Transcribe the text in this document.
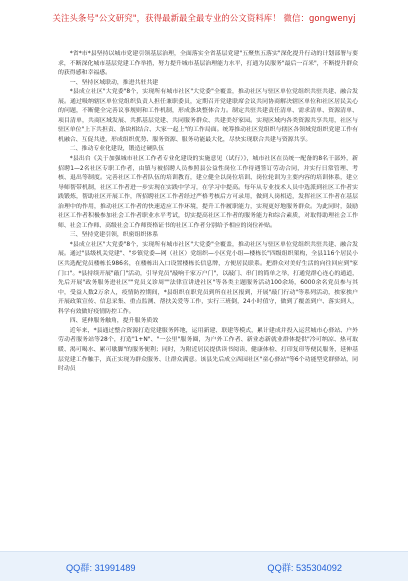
关注头条号"公文研究"，获得最新最全最专业的公文资料库！ 微信：gongwenyj

*省*市*县坚持以城市党建引领基层治理，全面落实全省基层党建"五聚焦五落实"深化提升行动的计划部署与要求，不断深化城市基层党建工作举措，努力提升城市基层治理能力水平，打通为民服务"最后一百米"，不断提升群众的获得感和幸福感。

一、坚持区域联动，推进共驻共建

*县成立社区"大党委"8个，实现所有城市社区"大党委"全覆盖，推动社区与驻区单位党组织共驻共建、融合发展。通过吸纳辖区单位党组织负责人担任兼职委员，定期召开党建联席会议共同协商解决辖区单位和社区居民关心的问题，不断健全完善议事规则和工作机制，形成条块整体合力。制定共驻共建责任清单、需求清单、资源清单、项目清单，共商区域发展、共抓基层党建、共同服务群众、共建美好家园。实现区域内各类资源共享共用，社区与驻区单位"上下共担责、条块相结合、大家一起上"的工作局面。统筹推动社区党组织与辖区各领域党组织党建工作有机融合、互促共进，形成组织优势、服务资源、服务功能最大化，尽快实现联合共建与资源共享。

二、推动专业化建设，锻造过硬队伍

*县出台《关于加强城市社区工作者专业化建设的实施意见（试行）》，城市社区在员统一配备的8名干部外，新招聘1—2名社区专职工作者，由镇与被招聘人员参照县公益性岗位工作待遇签订劳动合同，并实行日常管理、考核、退出等制度。完善社区工作者队伍的培训教育，建立健全以岗位培训、岗位轮训为主要内容的培训体系，建立导师帮带机制，社区工作者进一步实现在实践中学习，在学习中提高。每年从专业技术人员中选派到社区工作者实践锻炼，帮助社区开展工作，所招聘社区工作者经过严格考核后方可录用，做到人岗相适，发挥社区工作者在基层治理中的作用，推动社区工作者的快速适应工作环境，提升工作履职能力，实现更好地服务群众。为此同时，鼓励社区工作者积极参加社会工作者职业水平考试，切实提高社区工作者的服务能力和综合素质，对取得助理社会工作师、社会工作师、高级社会工作师资格证书的社区工作者分别给予相应的岗位补贴。

三、坚持党建引领，织密组织体系

*县成立社区"大党委"8个，实现所有城市社区"大党委"全覆盖，推动社区与驻区单位党组织共驻共建、融合发展。通过"县级机关党建"、"乡镇党委—网（社区）党组织—小区党小组—楼栋长"四级组织架构，全县116个居民小区共选配党员楼栋长986名，在楼栋出入口设置楼栋长信息牌，方便居民联系。把群众对美好生活的向往回应到"家门口"。*县持续开展"敲门"活动，引导党员"敲响千家万户门"，以敲门、串门的简单之举，打通党群心连心的通道，先后开展"政务服务进社区""党员义诊周""法律宣讲进社区"等各类主题服务活动100余场，6000余名党员参与其中，受益人数2万余人，疫情防控期间，*县组织在职党员到所在社区报到，开展"敲门行动"等系列活动，挨家挨户开展政策宣传、信息采集、重点监测、帮扶关爱等工作，实行三班倒，24小时值守，做到了覆盖到户、落实到人，科学有效做好疫情防控工作。

四、延伸服务触角，提升服务质效

近年来，*县通过整合资源打造党建服务阵地，运用新建、联建等模式，累计建成并投入运营城市心驿站、户外劳动者服务站等28个，打造"1+N"、"一公里"服务圈，为户外工作者、新业态新就业群体提供"冷可纳凉、热可取暖、渴可喝水、累可歇脚"的服务便利；同时，为附近居民提供读书阅读、健康体检、打印复印等便民服务，延伸基层党建工作触手，真正实现为群众服务、让群众满意。该县先后成立西园社区"童心驿站"等6个功能型党群驿站，同时动员

QQ群: 31991489	QQ群: 535304092
